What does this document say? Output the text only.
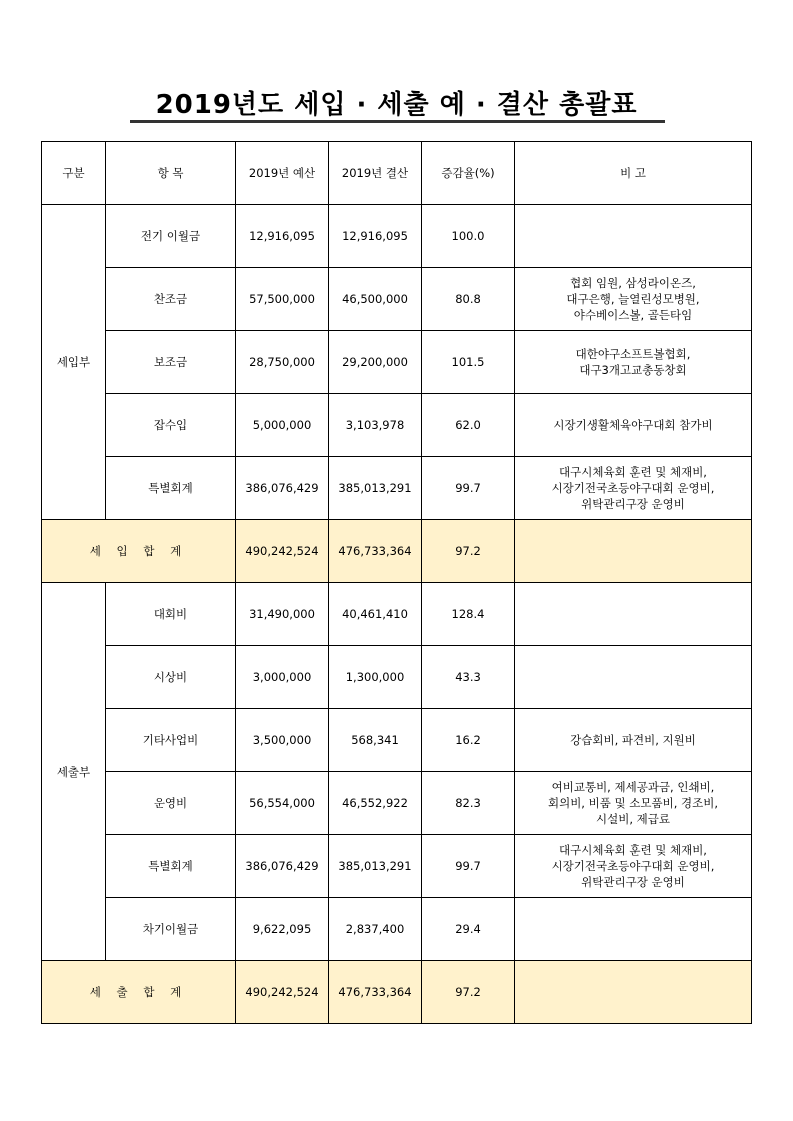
2019년도 세입 · 세출 예 · 결산 총괄표
구분	항 목	2019년 예산	2019년 결산	증감율(%)	비 고
세입부	전기 이월금	12,916,095	12,916,095	100.0	
	찬조금	57,500,000	46,500,000	80.8	협회 임원, 삼성라이온즈,
대구은행, 늘열린성모병원,
야수베이스볼, 골든타임

	보조금	28,750,000	29,200,000	101.5	대한야구소프트볼협회,
대구3개고교총동창회

	잡수입	5,000,000	3,103,978	62.0	시장기생활체육야구대회 참가비

	특별회계	386,076,429	385,013,291	99.7	대구시체육회 훈련 및 체재비,
시장기전국초등야구대회 운영비,
위탁관리구장 운영비

세 입 합 계		490,242,524	476,733,364	97.2	
세출부	대회비	31,490,000	40,461,410	128.4	
	시상비	3,000,000	1,300,000	43.3	
	기타사업비	3,500,000	568,341	16.2	강습회비, 파견비, 지원비

	운영비	56,554,000	46,552,922	82.3	여비교통비, 제세공과금, 인쇄비,
회의비, 비품 및 소모품비, 경조비,
시설비, 제급료

	특별회계	386,076,429	385,013,291	99.7	대구시체육회 훈련 및 체재비,
시장기전국초등야구대회 운영비,
위탁관리구장 운영비

	차기이월금	9,622,095	2,837,400	29.4	
세 출 합 계		490,242,524	476,733,364	97.2	
